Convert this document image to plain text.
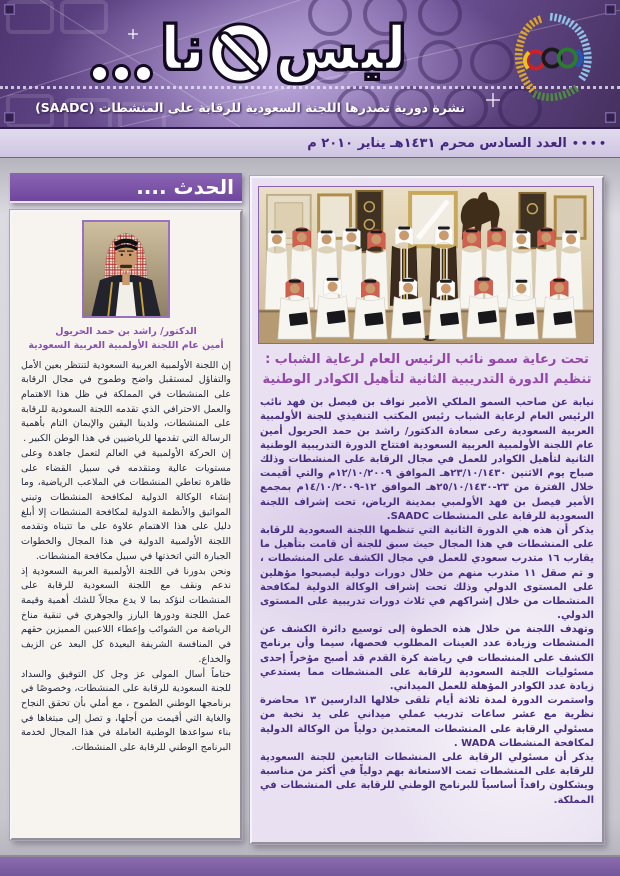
ليس
نا
نشرة دورية تصدرها اللجنة السعودية للرقابة على المنشطات (SAADC)
••••
العدد السادس محرم ١٤٣١هـ يناير ٢٠١٠ م
تحت رعاية سمو نائب الرئيس العام لرعاية الشباب :
تنظيم الدورة التدريبية الثانية لتأهيل الكوادر الوطنية

نيابة عن صاحب السمو الملكي الأمير نواف بن فيصل بن فهد نائب الرئيس العام لرعاية الشباب رئيس المكتب التنفيذي للجنة الأولمبية العربية السعودية رعى سعادة الدكتور/ راشد بن حمد الحريول أمين عام اللجنة الأولمبية العربية السعودية افتتاح الدورة التدريبية الوطنية الثانية لتأهيل الكوادر للعمل في مجال الرقابة على المنشطات وذلك صباح يوم الاثنين ٢٣/١٠/١٤٣٠هـ الموافق ١٢/١٠/٢٠٠٩م والتي أقيمت خلال الفترة من ٢٣-٢٥/١٠/١٤٣٠هـ الموافق ١٢-١٤/١٠/٢٠٠٩م بمجمع الأمير فيصل بن فهد الأولمبي بمدينة الرياض، تحت إشراف اللجنة السعودية للرقابة على المنشطات SAADC.

يذكر أن هذه هي الدورة الثانية التي تنظمها اللجنة السعودية للرقابة على المنشطات في هذا المجال حيث سبق للجنة أن قامت بتأهيل ما يقارب ١٦ متدرب سعودي للعمل في مجال الكشف على المنشطات ، و تم صقل ١١ متدرب منهم من خلال دورات دولية ليصبحوا مؤهلين على المستوى الدولي وذلك تحت إشراف الوكالة الدولية لمكافحة المنشطات من خلال إشراكهم في ثلاث دورات تدريبية على المستوى الدولي.

وتهدف اللجنة من خلال هذه الخطوة إلى توسيع دائرة الكشف عن المنشطات وزيادة عدد العينات المطلوب فحصها، سيما وأن برنامج الكشف على المنشطات في رياضة كرة القدم قد أصبح مؤخراً إحدى مسئوليات اللجنة السعودية للرقابة على المنشطات مما يستدعي زيادة عدد الكوادر المؤهلة للعمل الميداني.

واستمرت الدورة لمدة ثلاثة أيام تلقى خلالها الدارسين ١٣ محاضرة نظرية مع عشر ساعات تدريب عملي ميداني على يد نخبة من مسئولي الرقابة على المنشطات المعتمدين دولياً من الوكالة الدولية لمكافحة المنشطات WADA .

يذكر أن مسئولي الرقابة على المنشطات التابعين للجنة السعودية للرقابة على المنشطات تمت الاستعانة بهم دولياً في أكثر من مناسبة ويشكلون رافداً أساسياً للبرنامج الوطني للرقابة على المنشطات في المملكة.

الحدث ....
الدكتور/ راشد بن حمد الحريول
أمين عام اللجنة الأولمبية العربية السعودية

إن اللجنة الأولمبية العربية السعودية لتنتظر بعين الأمل والتفاؤل لمستقبل واضح وطموح في مجال الرقابة على المنشطات في المملكة في ظل هذا الاهتمام والعمل الاحترافي الذي تقدمه اللجنة السعودية للرقابة على المنشطات، ولدينا اليقين والإيمان التام بأهمية الرسالة التي تقدمها للرياضيين في هذا الوطن الكبير .

إن الحركة الأولمبية في العالم لتعمل جاهدة وعلى مستويات عالية ومتقدمه في سبيل القضاء على ظاهرة تعاطي المنشطات في الملاعب الرياضية، وما إنشاء الوكالة الدولية لمكافحة المنشطات وتبني المواثيق والأنظمة الدولية لمكافحة المنشطات إلا أبلغ دليل على هذا الاهتمام علاوة على ما تتبناه وتقدمه اللجنة الأولمبية الدولية في هذا المجال والخطوات الجبارة التي اتخذتها في سبيل مكافحة المنشطات.

ونحن بدورنا في اللجنة الأولمبية العربية السعودية إذ ندعم ونقف مع اللجنة السعودية للرقابة على المنشطات لنؤكد بما لا يدع مجالاً للشك أهمية وقيمة عمل اللجنة ودورها البارز والجوهري في تنقية مناخ الرياضة من الشوائب وإعطاء اللاعبين المميزين حقهم في المنافسة الشريفة البعيدة كل البعد عن الزيف والخداع.

ختاماً أسال المولى عز وجل كل التوفيق والسداد للجنة السعودية للرقابة على المنشطات، وخصوصًا في برنامجها الوطني الطموح ، مع أملي بأن تحقق النجاح والغاية التي أقيمت من أجلها، و تصل إلى مبتغاها في بناء سواعدها الوطنية العاملة في هذا المجال لخدمة البرنامج الوطني للرقابة على المنشطات.
